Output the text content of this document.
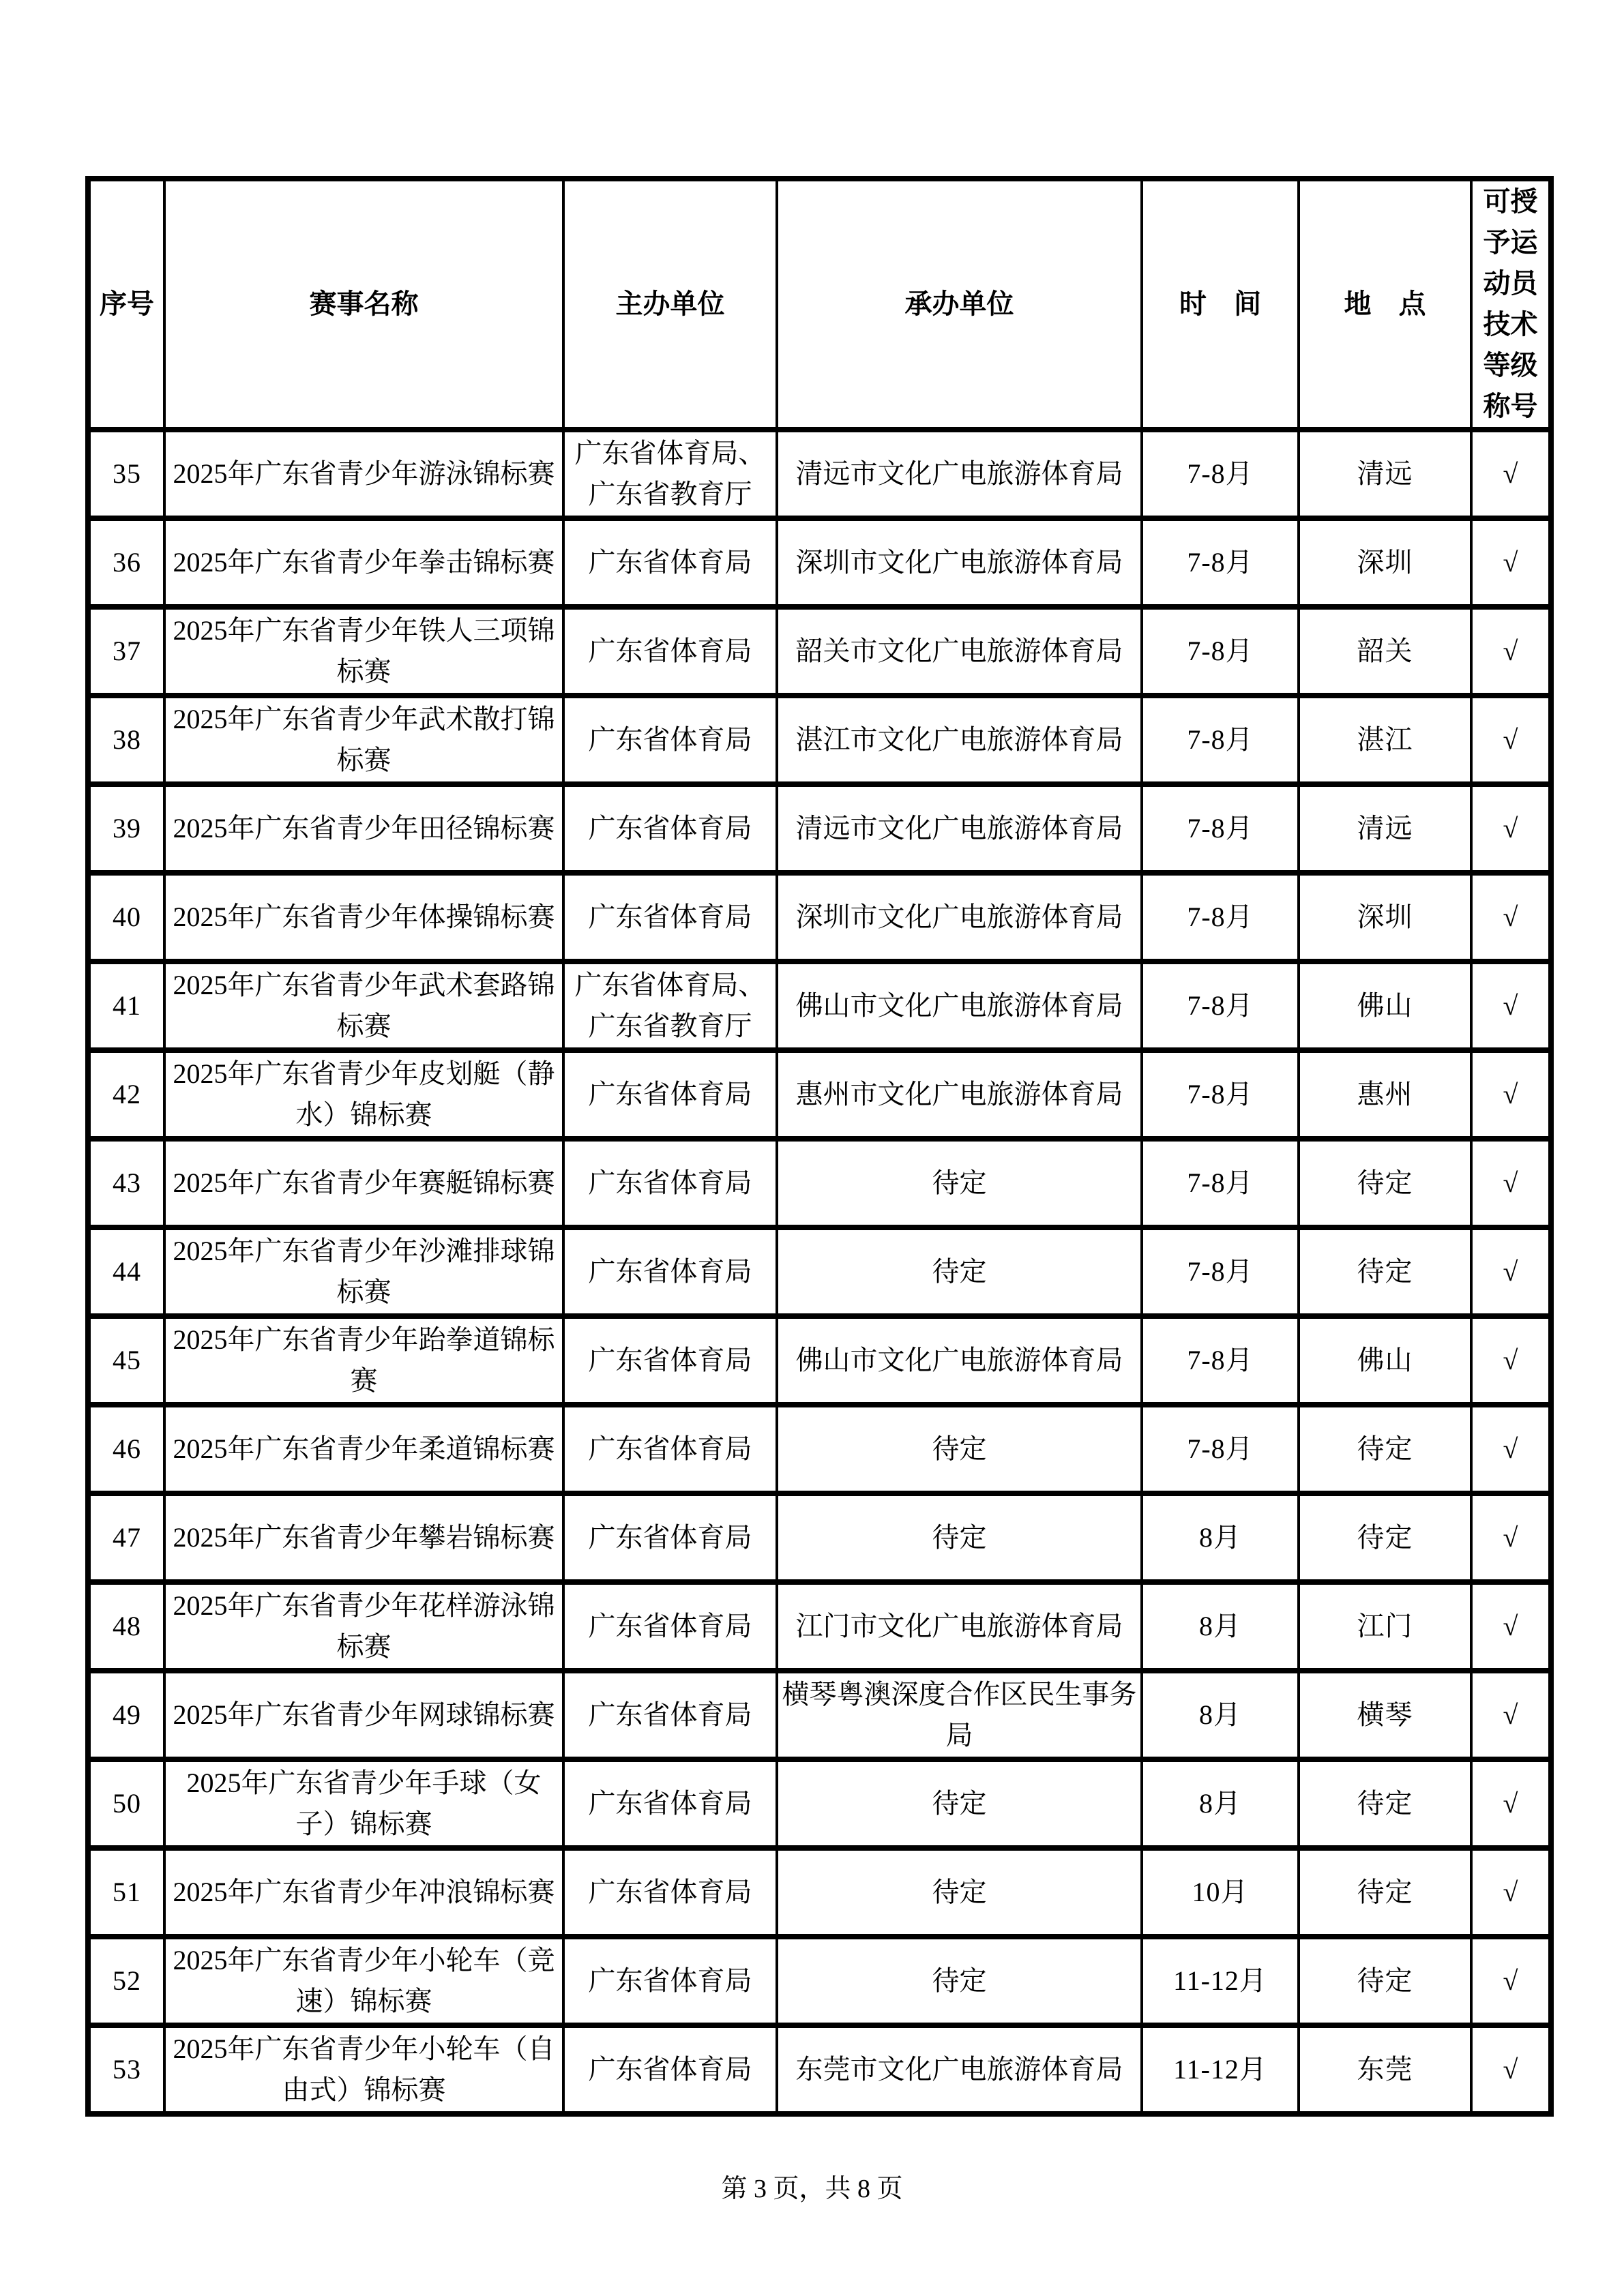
序号	赛事名称	主办单位	承办单位	时　间	地　点	可授予运动员技术等级称号
35	2025年广东省青少年游泳锦标赛	广东省体育局、广东省教育厅	清远市文化广电旅游体育局	7-8月	清远	√
36	2025年广东省青少年拳击锦标赛	广东省体育局	深圳市文化广电旅游体育局	7-8月	深圳	√
37	2025年广东省青少年铁人三项锦标赛	广东省体育局	韶关市文化广电旅游体育局	7-8月	韶关	√
38	2025年广东省青少年武术散打锦标赛	广东省体育局	湛江市文化广电旅游体育局	7-8月	湛江	√
39	2025年广东省青少年田径锦标赛	广东省体育局	清远市文化广电旅游体育局	7-8月	清远	√
40	2025年广东省青少年体操锦标赛	广东省体育局	深圳市文化广电旅游体育局	7-8月	深圳	√
41	2025年广东省青少年武术套路锦标赛	广东省体育局、广东省教育厅	佛山市文化广电旅游体育局	7-8月	佛山	√
42	2025年广东省青少年皮划艇（静水）锦标赛	广东省体育局	惠州市文化广电旅游体育局	7-8月	惠州	√
43	2025年广东省青少年赛艇锦标赛	广东省体育局	待定	7-8月	待定	√
44	2025年广东省青少年沙滩排球锦标赛	广东省体育局	待定	7-8月	待定	√
45	2025年广东省青少年跆拳道锦标赛	广东省体育局	佛山市文化广电旅游体育局	7-8月	佛山	√
46	2025年广东省青少年柔道锦标赛	广东省体育局	待定	7-8月	待定	√
47	2025年广东省青少年攀岩锦标赛	广东省体育局	待定	8月	待定	√
48	2025年广东省青少年花样游泳锦标赛	广东省体育局	江门市文化广电旅游体育局	8月	江门	√
49	2025年广东省青少年网球锦标赛	广东省体育局	横琴粤澳深度合作区民生事务局	8月	横琴	√
50	2025年广东省青少年手球（女子）锦标赛	广东省体育局	待定	8月	待定	√
51	2025年广东省青少年冲浪锦标赛	广东省体育局	待定	10月	待定	√
52	2025年广东省青少年小轮车（竞速）锦标赛	广东省体育局	待定	11-12月	待定	√
53	2025年广东省青少年小轮车（自由式）锦标赛	广东省体育局	东莞市文化广电旅游体育局	11-12月	东莞	√
第 3 页，共 8 页
